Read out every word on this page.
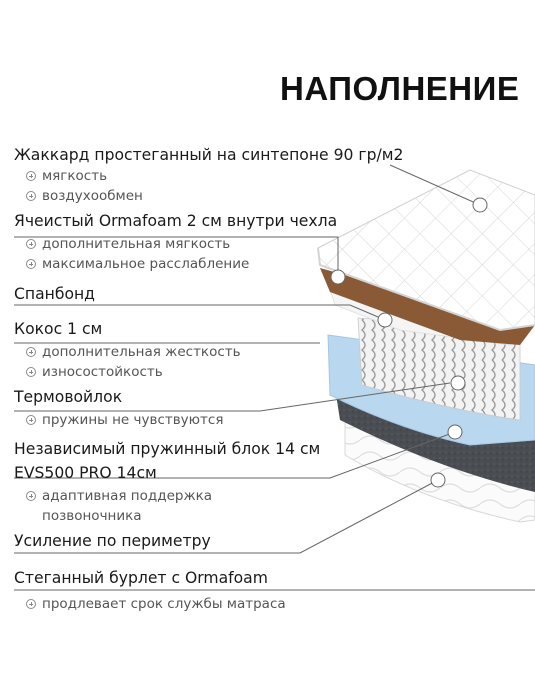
НАПОЛНЕНИЕ
Жаккард простеганный на синтепоне 90 гр/м2
мягкость
воздухообмен
Ячеистый Ormafoam 2 см внутри чехла
дополнительная мягкость
максимальное расслабление
Спанбонд
Кокос 1 см
дополнительная жесткость
износостойкость
Термовойлок
пружины не чувствуются
Независимый пружинный блок 14 см
EVS500 PRO 14см
адаптивная поддержка
позвоночника
Усиление по периметру
Стеганный бурлет с Ormafoam
продлевает срок службы матраса
